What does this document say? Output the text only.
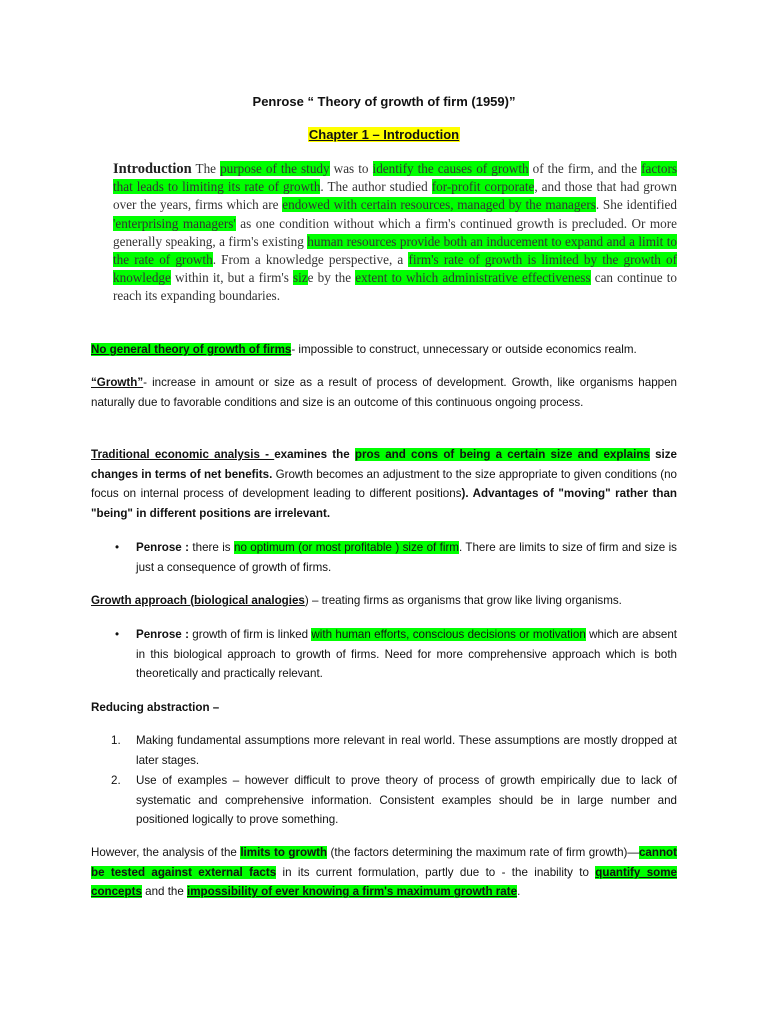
Penrose “ Theory of growth of firm (1959)”
Chapter 1 – Introduction
Introduction The purpose of the study was to identify the causes of growth of the firm, and the factors that leads to limiting its rate of growth. The author studied for-profit corporate, and those that had grown over the years, firms which are endowed with certain resources, managed by the managers. She identified 'enterprising managers' as one condition without which a firm's continued growth is precluded. Or more generally speaking, a firm's existing human resources provide both an inducement to expand and a limit to the rate of growth. From a knowledge perspective, a firm's rate of growth is limited by the growth of knowledge within it, but a firm's size by the extent to which administrative effectiveness can continue to reach its expanding boundaries.
No general theory of growth of firms- impossible to construct, unnecessary or outside economics realm.
“Growth”- increase in amount or size as a result of process of development. Growth, like organisms happen naturally due to favorable conditions and size is an outcome of this continuous ongoing process.
Traditional economic analysis - examines the pros and cons of being a certain size and explains size changes in terms of net benefits. Growth becomes an adjustment to the size appropriate to given conditions (no focus on internal process of development leading to different positions). Advantages of "moving" rather than "being" in different positions are irrelevant.
• Penrose : there is no optimum (or most profitable ) size of firm. There are limits to size of firm and size is just a consequence of growth of firms.
Growth approach (biological analogies) – treating firms as organisms that grow like living organisms.
• Penrose : growth of firm is linked with human efforts, conscious decisions or motivation which are absent in this biological approach to growth of firms. Need for more comprehensive approach which is both theoretically and practically relevant.
Reducing abstraction –
1. Making fundamental assumptions more relevant in real world. These assumptions are mostly dropped at later stages.
2. Use of examples – however difficult to prove theory of process of growth empirically due to lack of systematic and comprehensive information. Consistent examples should be in large number and positioned logically to prove something.
However, the analysis of the limits to growth (the factors determining the maximum rate of firm growth)—cannot be tested against external facts in its current formulation, partly due to - the inability to quantify some concepts and the impossibility of ever knowing a firm's maximum growth rate.
